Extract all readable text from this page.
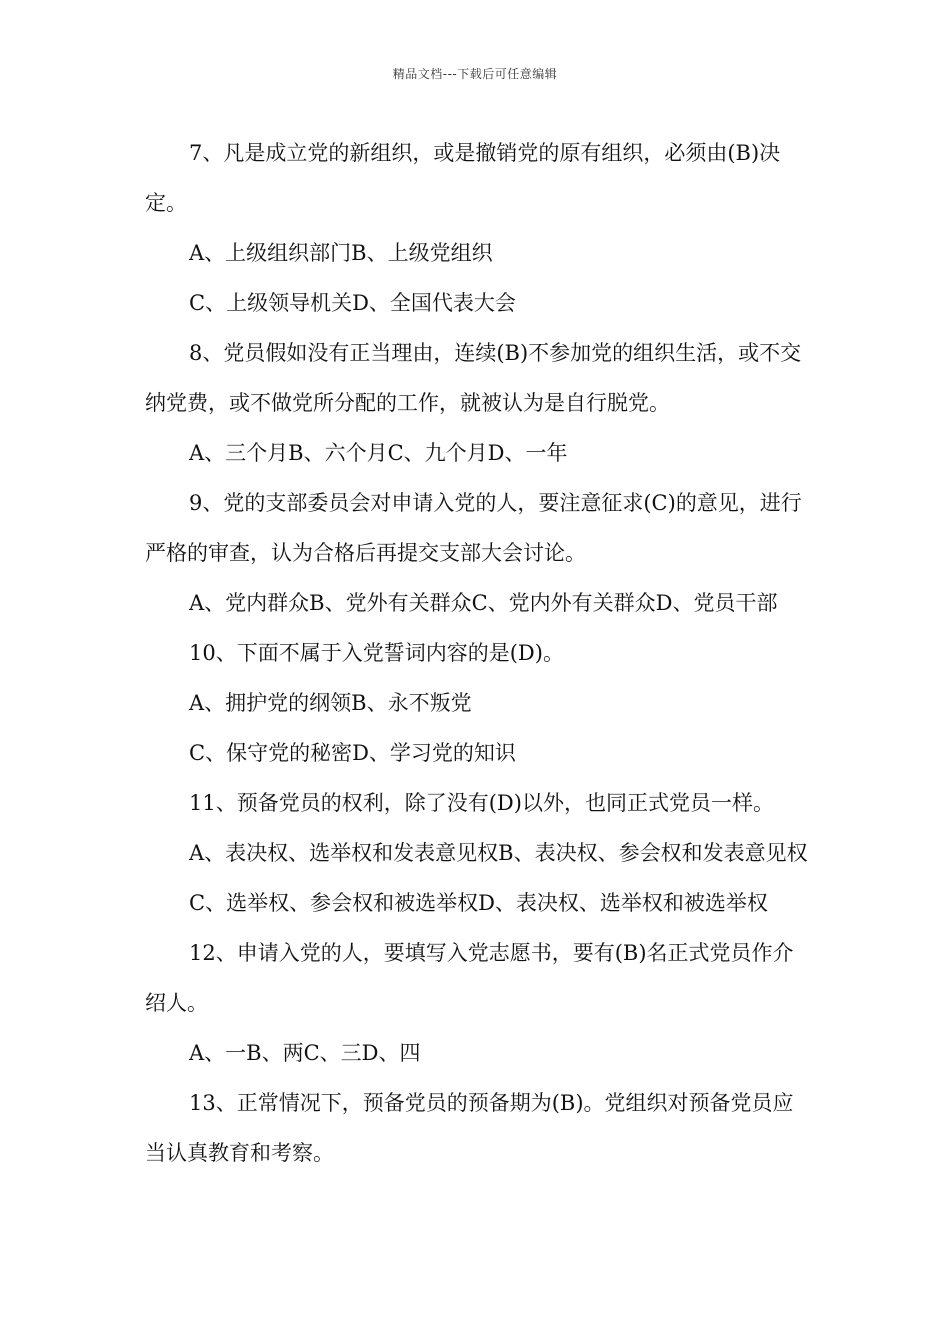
精品文档---下载后可任意编辑

7、凡是成立党的新组织，或是撤销党的原有组织，必须由(B)决定。

A、上级组织部门B、上级党组织

C、上级领导机关D、全国代表大会

8、党员假如没有正当理由，连续(B)不参加党的组织生活，或不交纳党费，或不做党所分配的工作，就被认为是自行脱党。

A、三个月B、六个月C、九个月D、一年

9、党的支部委员会对申请入党的人，要注意征求(C)的意见，进行严格的审查，认为合格后再提交支部大会讨论。

A、党内群众B、党外有关群众C、党内外有关群众D、党员干部

10、下面不属于入党誓词内容的是(D)。

A、拥护党的纲领B、永不叛党

C、保守党的秘密D、学习党的知识

11、预备党员的权利，除了没有(D)以外，也同正式党员一样。

A、表决权、选举权和发表意见权B、表决权、参会权和发表意见权

C、选举权、参会权和被选举权D、表决权、选举权和被选举权

12、申请入党的人，要填写入党志愿书，要有(B)名正式党员作介绍人。

A、一B、两C、三D、四

13、正常情况下，预备党员的预备期为(B)。党组织对预备党员应当认真教育和考察。
